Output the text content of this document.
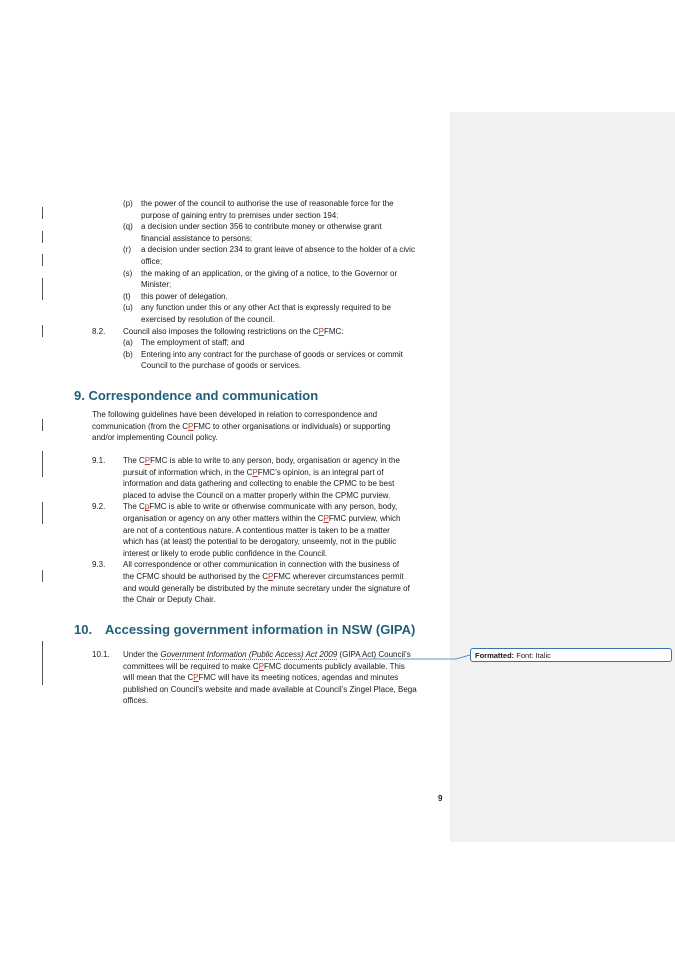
(p) the power of the council to authorise the use of reasonable force for the
purpose of gaining entry to premises under section 194;
(q) a decision under section 356 to contribute money or otherwise grant
financial assistance to persons;
(r) a decision under section 234 to grant leave of absence to the holder of a civic
office;
(s) the making of an application, or the giving of a notice, to the Governor or
Minister;
(t) this power of delegation,
(u) any function under this or any other Act that is expressly required to be
exercised by resolution of the council.
8.2. Council also imposes the following restrictions on the CPFMC:
(a) The employment of staff; and
(b) Entering into any contract for the purchase of goods or services or commit
Council to the purchase of goods or services.
9. Correspondence and communication
The following guidelines have been developed in relation to correspondence and
communication (from the CPFMC to other organisations or individuals) or supporting
and/or implementing Council policy.
9.1. The CPFMC is able to write to any person, body, organisation or agency in the
pursuit of information which, in the CPFMC’s opinion, is an integral part of
information and data gathering and collecting to enable the CPMC to be best
placed to advise the Council on a matter properly within the CPMC purview.
9.2. The CpFMC is able to write or otherwise communicate with any person, body,
organisation or agency on any other matters within the CPFMC purview, which
are not of a contentious nature. A contentious matter is taken to be a matter
which has (at least) the potential to be derogatory, unseemly, not in the public
interest or likely to erode public confidence in the Council.
9.3. All correspondence or other communication in connection with the business of
the CFMC should be authorised by the CPFMC wherever circumstances permit
and would generally be distributed by the minute secretary under the signature of
the Chair or Deputy Chair.
10. Accessing government information in NSW (GIPA)
10.1. Under the Government Information (Public Access) Act 2009 (GIPA Act) Council’s
committees will be required to make CPFMC documents publicly available. This
will mean that the CPFMC will have its meeting notices, agendas and minutes
published on Council’s website and made available at Council’s Zingel Place, Bega
offices.
Formatted: Font: Italic
9
